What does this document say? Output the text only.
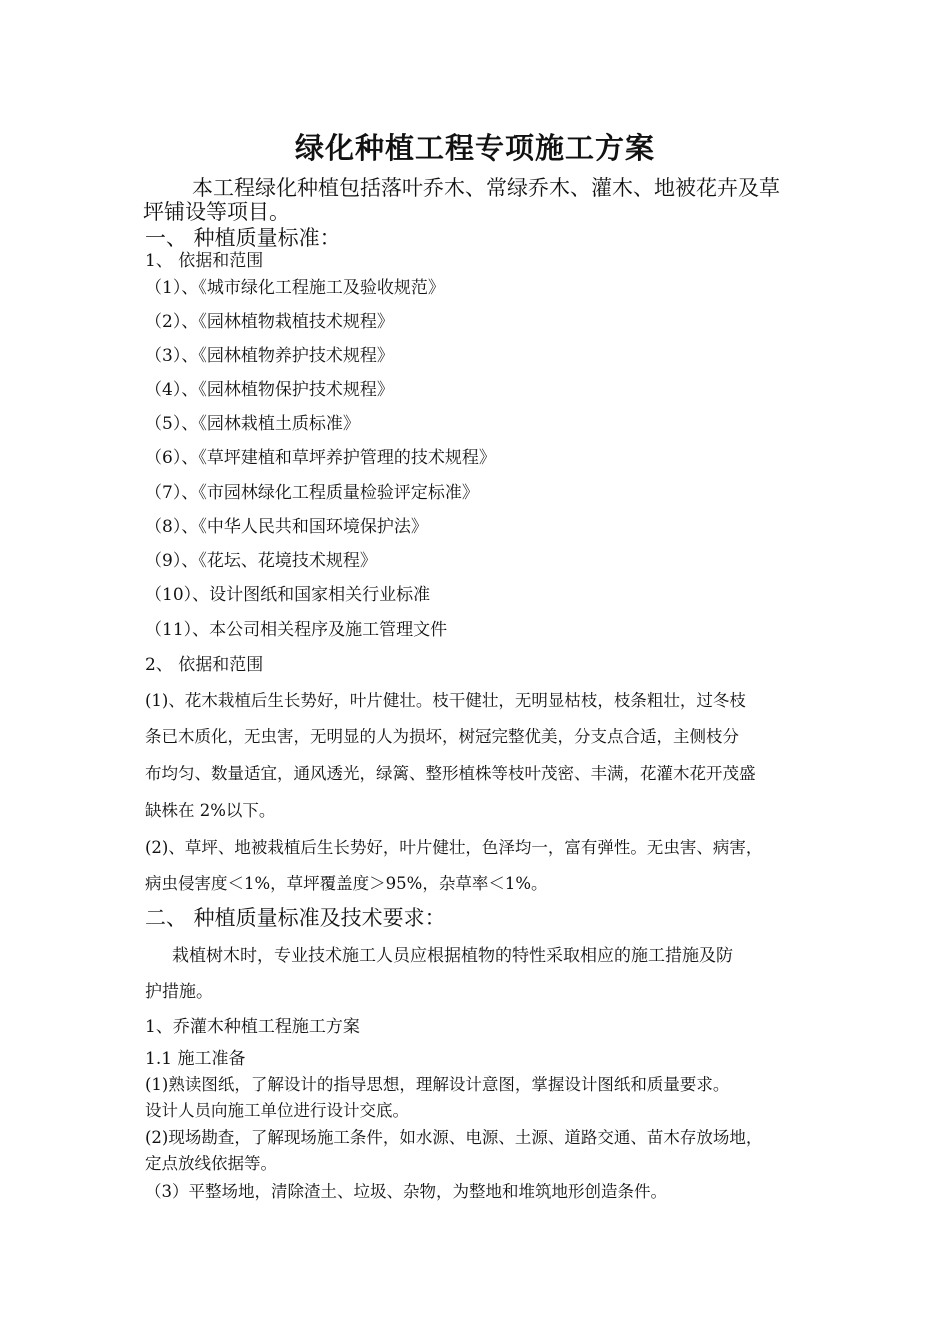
绿化种植工程专项施工方案
本工程绿化种植包括落叶乔木、常绿乔木、灌木、地被花卉及草
坪铺设等项目。
一、 种植质量标准：
1、 依据和范围
（1）、《城市绿化工程施工及验收规范》
（2）、《园林植物栽植技术规程》
（3）、《园林植物养护技术规程》
（4）、《园林植物保护技术规程》
（5）、《园林栽植土质标准》
（6）、《草坪建植和草坪养护管理的技术规程》
（7）、《市园林绿化工程质量检验评定标准》
（8）、《中华人民共和国环境保护法》
（9）、《花坛、花境技术规程》
（10）、设计图纸和国家相关行业标准
（11）、本公司相关程序及施工管理文件
2、 依据和范围
(1)、花木栽植后生长势好，叶片健壮。枝干健壮，无明显枯枝，枝条粗壮，过冬枝
条已木质化，无虫害，无明显的人为损坏，树冠完整优美，分支点合适，主侧枝分
布均匀、数量适宜，通风透光，绿篱、整形植株等枝叶茂密、丰满，花灌木花开茂盛
缺株在 2%以下。
(2)、草坪、地被栽植后生长势好，叶片健壮，色泽均一，富有弹性。无虫害、病害，
病虫侵害度＜1%，草坪覆盖度＞95%，杂草率＜1%。
二、 种植质量标准及技术要求：
栽植树木时，专业技术施工人员应根据植物的特性采取相应的施工措施及防
护措施。
1、乔灌木种植工程施工方案
1.1 施工准备
(1)熟读图纸，了解设计的指导思想，理解设计意图，掌握设计图纸和质量要求。
设计人员向施工单位进行设计交底。
(2)现场勘查，了解现场施工条件，如水源、电源、土源、道路交通、苗木存放场地，
定点放线依据等。
（3）平整场地，清除渣土、垃圾、杂物，为整地和堆筑地形创造条件。
